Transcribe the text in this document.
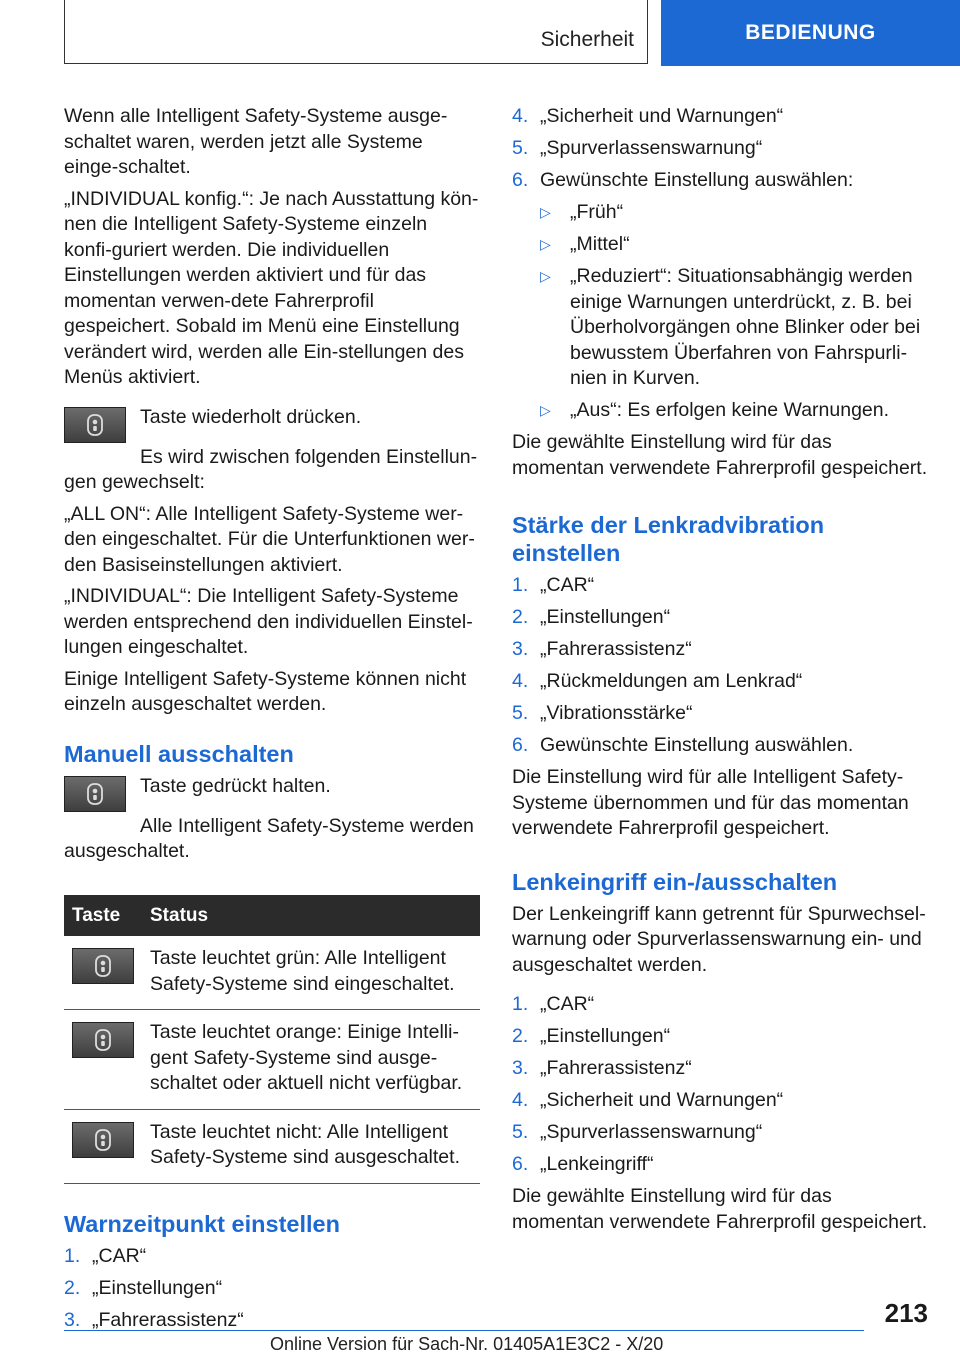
Sicherheit	BEDIENUNG

Wenn alle Intelligent Safety-Systeme ausge-schaltet waren, werden jetzt alle Systeme einge-schaltet.

„INDIVIDUAL konfig.“: Je nach Ausstattung kön-nen die Intelligent Safety-Systeme einzeln konfi-guriert werden. Die individuellen Einstellungen werden aktiviert und für das momentan verwen-dete Fahrerprofil gespeichert. Sobald im Menü eine Einstellung verändert wird, werden alle Ein-stellungen des Menüs aktiviert.

Taste wiederholt drücken.

Es wird zwischen folgenden Einstellun-gen gewechselt:

„ALL ON“: Alle Intelligent Safety-Systeme wer-den eingeschaltet. Für die Unterfunktionen wer-den Basiseinstellungen aktiviert.

„INDIVIDUAL“: Die Intelligent Safety-Systeme werden entsprechend den individuellen Einstel-lungen eingeschaltet.

Einige Intelligent Safety-Systeme können nicht einzeln ausgeschaltet werden.

Manuell ausschalten

Taste gedrückt halten.

Alle Intelligent Safety-Systeme werden ausgeschaltet.

Taste	Status

	Taste leuchtet grün: Alle Intelligent Safety-Systeme sind eingeschaltet.

	Taste leuchtet orange: Einige Intelli-gent Safety-Systeme sind ausge-schaltet oder aktuell nicht verfügbar.

	Taste leuchtet nicht: Alle Intelligent Safety-Systeme sind ausgeschaltet.
Warnzeitpunkt einstellen
1. „CAR“
2. „Einstellungen“
3. „Fahrerassistenz“
4. „Sicherheit und Warnungen“
5. „Spurverlassenswarnung“
6. Gewünschte Einstellung auswählen:
▷ „Früh“
▷ „Mittel“
▷ „Reduziert“: Situationsabhängig werden einige Warnungen unterdrückt, z. B. bei Überholvorgängen ohne Blinker oder bei bewusstem Überfahren von Fahrspurli-nien in Kurven.
▷ „Aus“: Es erfolgen keine Warnungen.

Die gewählte Einstellung wird für das momentan verwendete Fahrerprofil gespeichert.

Stärke der Lenkradvibration einstellen
1. „CAR“
2. „Einstellungen“
3. „Fahrerassistenz“
4. „Rückmeldungen am Lenkrad“
5. „Vibrationsstärke“
6. Gewünschte Einstellung auswählen.

Die Einstellung wird für alle Intelligent Safety-Systeme übernommen und für das momentan verwendete Fahrerprofil gespeichert.

Lenkeingriff ein-/ausschalten

Der Lenkeingriff kann getrennt für Spurwechsel-warnung oder Spurverlassenswarnung ein- und ausgeschaltet werden.

1. „CAR“
2. „Einstellungen“
3. „Fahrerassistenz“
4. „Sicherheit und Warnungen“
5. „Spurverlassenswarnung“
6. „Lenkeingriff“

Die gewählte Einstellung wird für das momentan verwendete Fahrerprofil gespeichert.

213
Online Version für Sach-Nr. 01405A1E3C2 - X/20
